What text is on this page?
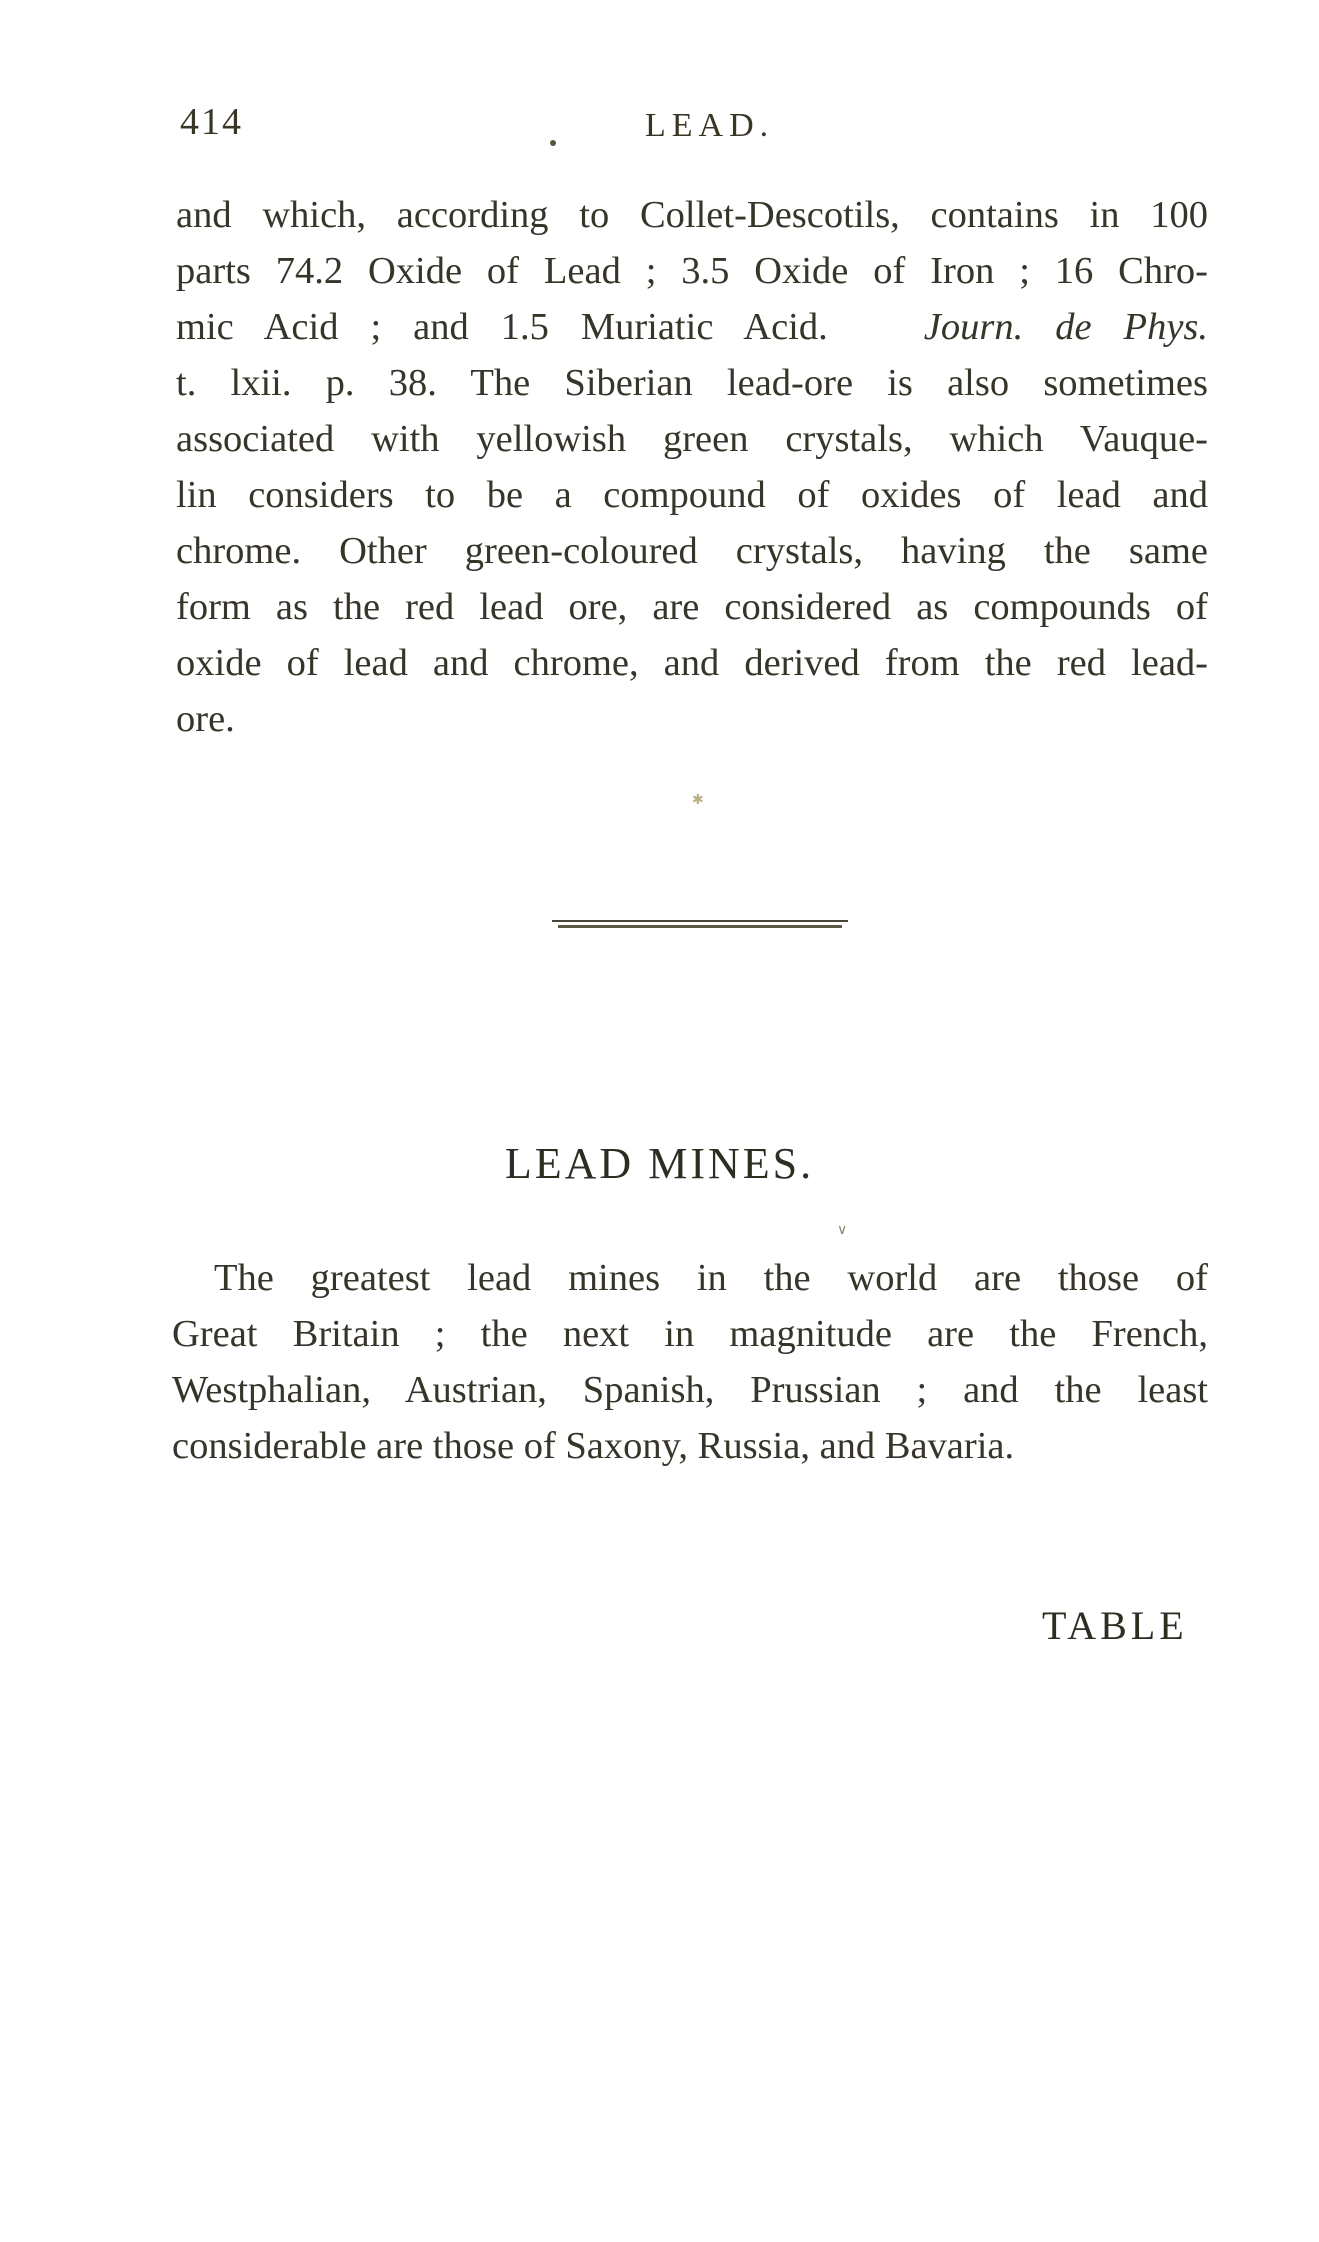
414	LEAD.
and which, according to Collet-Descotils, contains in 100
parts 74.2 Oxide of Lead ; 3.5 Oxide of Iron ; 16 Chro-
mic Acid ; and 1.5 Muriatic Acid. Journ. de Phys.
t. lxii. p. 38. The Siberian lead-ore is also sometimes
associated with yellowish green crystals, which Vauque-
lin considers to be a compound of oxides of lead and
chrome. Other green-coloured crystals, having the same
form as the red lead ore, are considered as compounds of
oxide of lead and chrome, and derived from the red lead-
ore.
✱
LEAD MINES.
∨
The greatest lead mines in the world are those of
Great Britain ; the next in magnitude are the French,
Westphalian, Austrian, Spanish, Prussian ; and the least
considerable are those of Saxony, Russia, and Bavaria.
TABLE
